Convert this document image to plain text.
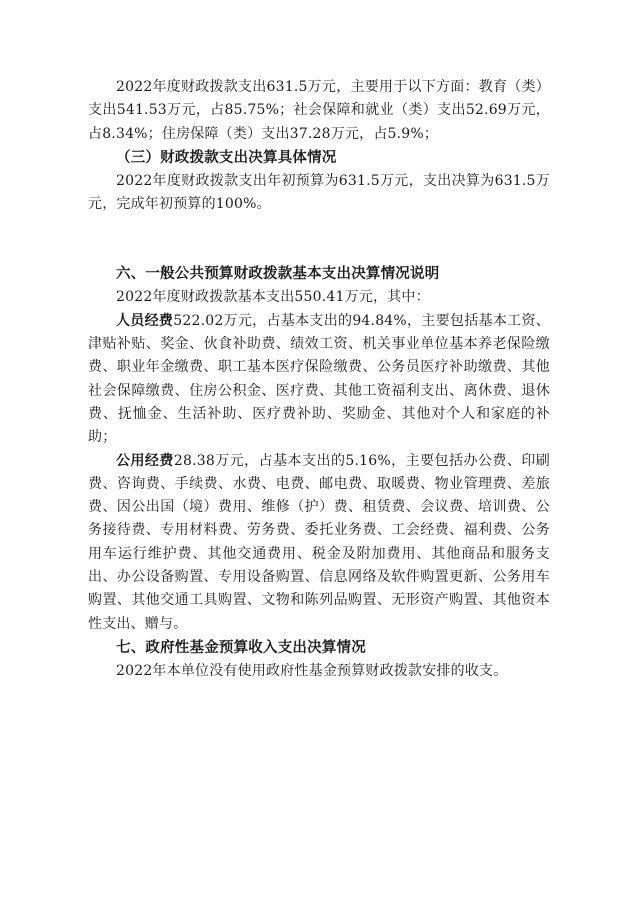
2022年度财政拨款支出631.5万元，主要用于以下方面：教育（类）支出541.53万元，占85.75%；社会保障和就业（类）支出52.69万元，占8.34%；住房保障（类）支出37.28万元，占5.9%；

（三）财政拨款支出决算具体情况

2022年度财政拨款支出年初预算为631.5万元，支出决算为631.5万元，完成年初预算的100%。

六、一般公共预算财政拨款基本支出决算情况说明

2022年度财政拨款基本支出550.41万元，其中：

人员经费522.02万元，占基本支出的94.84%，主要包括基本工资、津贴补贴、奖金、伙食补助费、绩效工资、机关事业单位基本养老保险缴费、职业年金缴费、职工基本医疗保险缴费、公务员医疗补助缴费、其他社会保障缴费、住房公积金、医疗费、其他工资福利支出、离休费、退休费、抚恤金、生活补助、医疗费补助、奖励金、其他对个人和家庭的补助；

公用经费28.38万元，占基本支出的5.16%，主要包括办公费、印刷费、咨询费、手续费、水费、电费、邮电费、取暖费、物业管理费、差旅费、因公出国（境）费用、维修（护）费、租赁费、会议费、培训费、公务接待费、专用材料费、劳务费、委托业务费、工会经费、福利费、公务用车运行维护费、其他交通费用、税金及附加费用、其他商品和服务支出、办公设备购置、专用设备购置、信息网络及软件购置更新、公务用车购置、其他交通工具购置、文物和陈列品购置、无形资产购置、其他资本性支出、赠与。

七、政府性基金预算收入支出决算情况

2022年本单位没有使用政府性基金预算财政拨款安排的收支。
